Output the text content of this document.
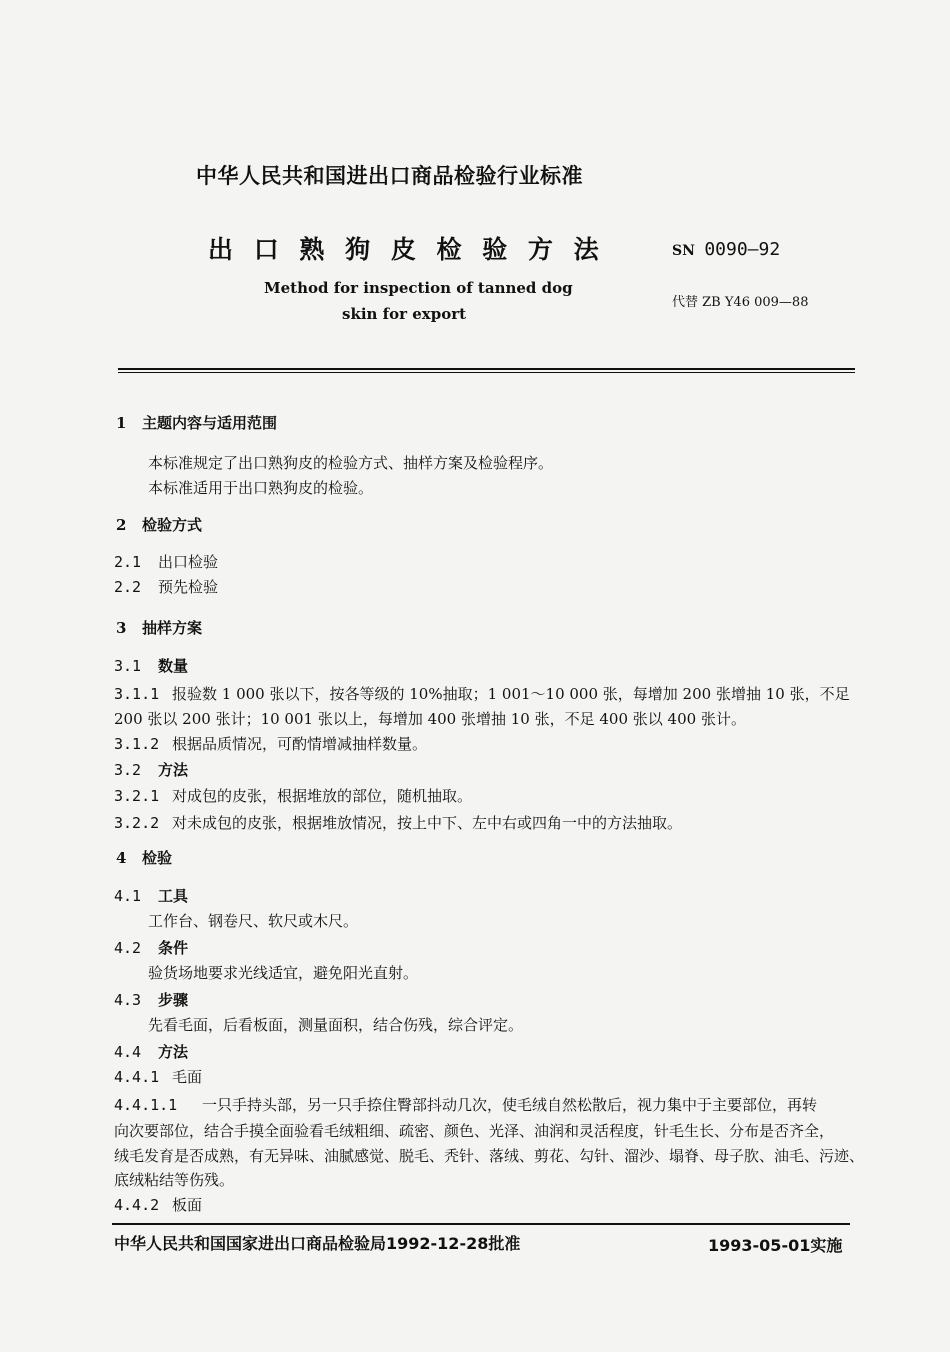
中华人民共和国进出口商品检验行业标准
出 口 熟 狗 皮 检 验 方 法	SN 0090—92
Method for inspection of tanned dog
skin for export
代替 ZB Y46 009—88
1 主题内容与适用范围
本标准规定了出口熟狗皮的检验方式、抽样方案及检验程序。
本标准适用于出口熟狗皮的检验。
2 检验方式
2.1 出口检验
2.2 预先检验
3 抽样方案
3.1 数量
3.1.1 报验数 1 000 张以下，按各等级的 10%抽取；1 001～10 000 张，每增加 200 张增抽 10 张，不足
200 张以 200 张计；10 001 张以上，每增加 400 张增抽 10 张，不足 400 张以 400 张计。
3.1.2 根据品质情况，可酌情增减抽样数量。
3.2 方法
3.2.1 对成包的皮张，根据堆放的部位，随机抽取。
3.2.2 对未成包的皮张，根据堆放情况，按上中下、左中右或四角一中的方法抽取。
4 检验
4.1 工具
工作台、钢卷尺、软尺或木尺。
4.2 条件
验货场地要求光线适宜，避免阳光直射。
4.3 步骤
先看毛面，后看板面，测量面积，结合伤残，综合评定。
4.4 方法
4.4.1 毛面
4.4.1.1 一只手持头部，另一只手捺住臀部抖动几次，使毛绒自然松散后，视力集中于主要部位，再转
向次要部位，结合手摸全面验看毛绒粗细、疏密、颜色、光泽、油润和灵活程度，针毛生长、分布是否齐全，
绒毛发育是否成熟，有无异味、油腻感觉、脱毛、秃针、落绒、剪花、勾针、溜沙、塌脊、母子肷、油毛、污迹、
底绒粘结等伤残。
4.4.2 板面
中华人民共和国国家进出口商品检验局1992-12-28批准	1993-05-01实施
